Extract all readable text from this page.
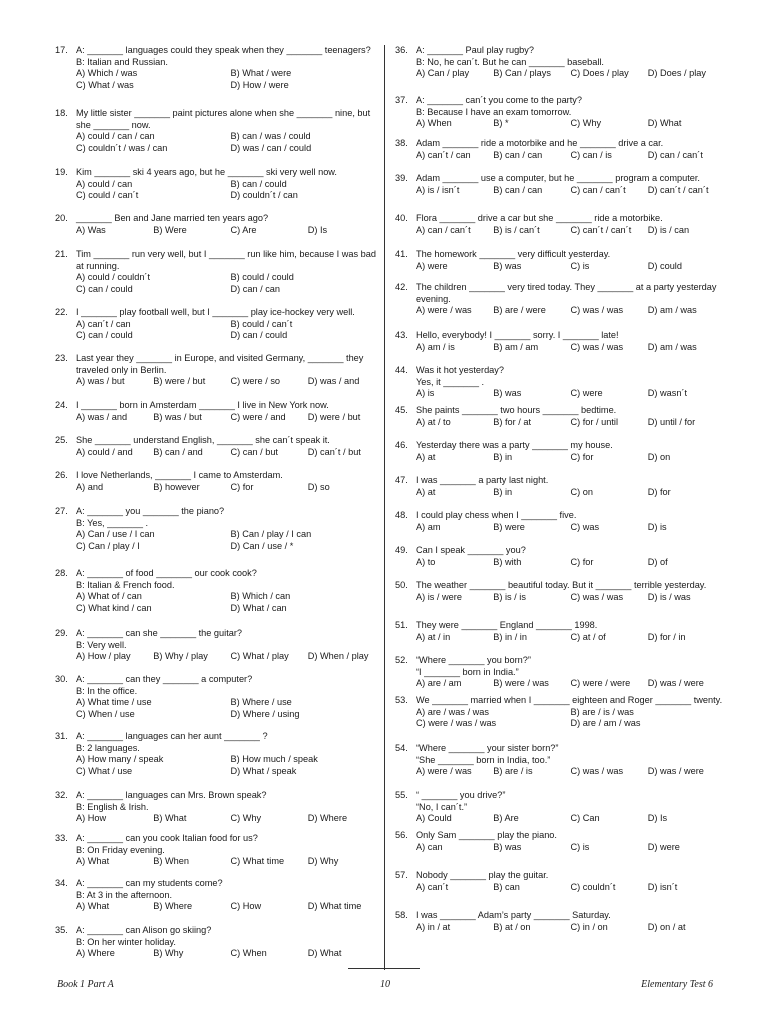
17. A: _______ languages could they speak when they _______ teenagers?
B: Italian and Russian.
A) Which / was	B) What / were
C) What / was	D) How / were
18. My little sister _______ paint pictures alone when she _______ nine, but
she _______ now.
A) could / can / can	B) can / was / could
C) couldn´t / was / can	D) was / can / could
19. Kim _______ ski 4 years ago, but he _______ ski very well now.
A) could / can	B) can / could
C) could / can´t	D) couldn´t / can
20. _______ Ben and Jane married ten years ago?
A) Was	B) Were	C) Are	D) Is
21. Tim _______ run very well, but I _______ run like him, because I was bad
at running.
A) could / couldn´t	B) could / could
C) can / could	D) can / can
22. I _______ play football well, but I _______ play ice-hockey very well.
A) can´t / can	B) could / can´t
C) can / could	D) can / could
23. Last year they _______ in Europe, and visited Germany, _______ they
traveled only in Berlin.
A) was / but	B) were / but	C) were / so	D) was / and
24. I _______ born in Amsterdam _______ I live in New York now.
A) was / and	B) was / but	C) were / and D) were / but
25. She _______ understand English, _______ she can´t speak it.
A) could / and B) can / and	C) can / but	D) can´t / but
26. I love Netherlands, _______ I came to Amsterdam.
A) and	B) however	C) for	D) so
27. A: _______ you _______ the piano?
B: Yes, _______ .
A) Can / use / I can	B) Can / play / I can
C) Can / play / I	D) Can / use / *
28. A: _______ of food _______ our cook cook?
B: Italian & French food.
A) What of / can	B) Which / can
C) What kind / can	D) What / can
29. A: _______ can she _______ the guitar?
B: Very well.
A) How / play B) Why / play C) What / play D) When / play
30. A: _______ can they _______ a computer?
B: In the office.
A) What time / use	B) Where / use
C) When / use	D) Where / using
31. A: _______ languages can her aunt _______ ?
B: 2 languages.
A) How many / speak	B) How much / speak
C) What / use	D) What / speak
32. A: _______ languages can Mrs. Brown speak?
B: English & Irish.
A) How	B) What	C) Why	D) Where
33. A: _______ can you cook Italian food for us?
B: On Friday evening.
A) What	B) When	C) What time	D) Why
34. A: _______ can my students come?
B: At 3 in the afternoon.
A) What	B) Where	C) How	D) What time
35. A: _______ can Alison go skiing?
B: On her winter holiday.
A) Where	B) Why	C) When	D) What
36. A: _______ Paul play rugby?
B: No, he can´t. But he can _______ baseball.
A) Can / play	B) Can / plays C) Does / play D) Does / play
37. A: _______ can´t you come to the party?
B: Because I have an exam tomorrow.
A) When	B) *	C) Why	D) What
38. Adam _______ ride a motorbike and he _______ drive a car.
A) can´t / can B) can / can	C) can / is	D) can / can´t
39. Adam _______ use a computer, but he _______ program a computer.
A) is / isn´t	B) can / can	C) can / can´t D) can´t / can´t
40. Flora _______ drive a car but she _______ ride a motorbike.
A) can / can´t B) is / can´t	C) can´t / can´t D) is / can
41. The homework _______ very difficult yesterday.
A) were	B) was	C) is	D) could
42. The children _______ very tired today. They _______ at a party yesterday
evening.
A) were / was B) are / were	C) was / was	D) am / was
43. Hello, everybody! I _______ sorry. I _______ late!
A) am / is	B) am / am	C) was / was	D) am / was
44. Was it hot yesterday?
Yes, it _______ .
A) is	B) was	C) were	D) wasn´t
45. She paints _______ two hours _______ bedtime.
A) at / to	B) for / at	C) for / until	D) until / for
46. Yesterday there was a party _______ my house.
A) at	B) in	C) for	D) on
47. I was _______ a party last night.
A) at	B) in	C) on	D) for
48. I could play chess when I _______ five.
A) am	B) were	C) was	D) is
49. Can I speak _______ you?
A) to	B) with	C) for	D) of
50. The weather _______ beautiful today. But it _______ terrible yesterday.
A) is / were	B) is / is	C) was / was	D) is / was
51. They were _______ England _______ 1998.
A) at / in	B) in / in	C) at / of	D) for / in
52. “Where _______ you born?”
“I _______ born in India.”
A) are / am	B) were / was C) were / were D) was / were
53. We _______ married when I _______ eighteen and Roger _______ twenty.
A) are / was / was	B) are / is / was
C) were / was / was	D) are / am / was
54. “Where _______ your sister born?”
“She _______ born in India, too.”
A) were / was B) are / is	C) was / was	D) was / were
55. “ _______ you drive?”
“No, I can´t.”
A) Could	B) Are	C) Can	D) Is
56. Only Sam _______ play the piano.
A) can	B) was	C) is	D) were
57. Nobody _______ play the guitar.
A) can´t	B) can	C) couldn´t	D) isn´t
58. I was _______ Adam’s party _______ Saturday.
A) in / at	B) at / on	C) in / on	D) on / at
Book 1 Part A	10	Elementary Test 6
